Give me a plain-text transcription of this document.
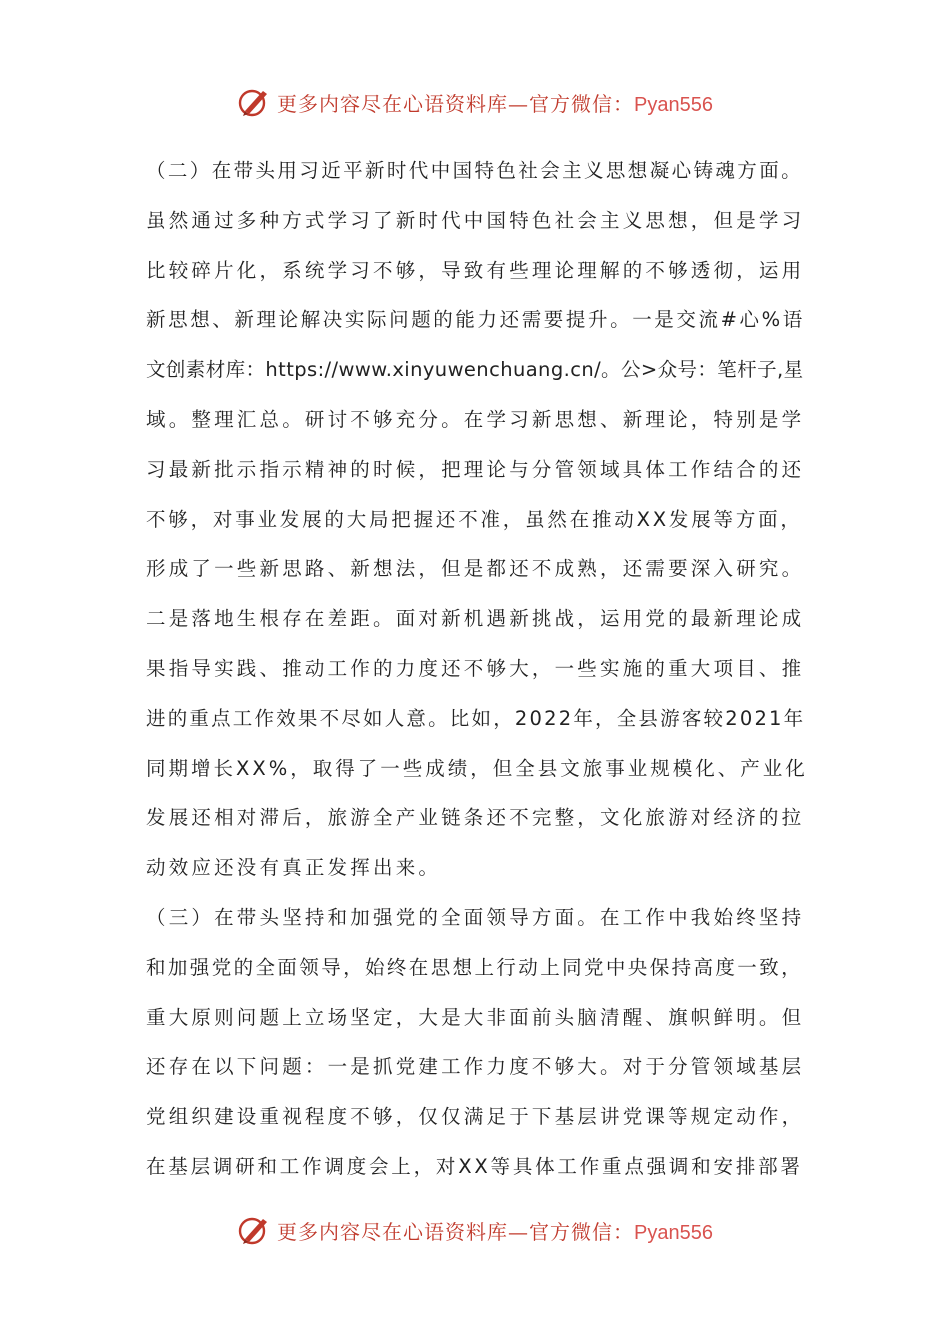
更多内容尽在心语资料库—官方微信：Pyan556
（二）在带头用习近平新时代中国特色社会主义思想凝心铸魂方面。
虽然通过多种方式学习了新时代中国特色社会主义思想，但是学习
比较碎片化，系统学习不够，导致有些理论理解的不够透彻，运用
新思想、新理论解决实际问题的能力还需要提升。一是交流#心%语
文创素材库：https://www.xinyuwenchuang.cn/。公>众号：笔杆子,星
域。整理汇总。研讨不够充分。在学习新思想、新理论，特别是学
习最新批示指示精神的时候，把理论与分管领域具体工作结合的还
不够，对事业发展的大局把握还不准，虽然在推动XX发展等方面，
形成了一些新思路、新想法，但是都还不成熟，还需要深入研究。
二是落地生根存在差距。面对新机遇新挑战，运用党的最新理论成
果指导实践、推动工作的力度还不够大，一些实施的重大项目、推
进的重点工作效果不尽如人意。比如，2022年，全县游客较2021年
同期增长XX%，取得了一些成绩，但全县文旅事业规模化、产业化
发展还相对滞后，旅游全产业链条还不完整，文化旅游对经济的拉
动效应还没有真正发挥出来。
（三）在带头坚持和加强党的全面领导方面。在工作中我始终坚持
和加强党的全面领导，始终在思想上行动上同党中央保持高度一致，
重大原则问题上立场坚定，大是大非面前头脑清醒、旗帜鲜明。但
还存在以下问题：一是抓党建工作力度不够大。对于分管领域基层
党组织建设重视程度不够，仅仅满足于下基层讲党课等规定动作，
在基层调研和工作调度会上，对XX等具体工作重点强调和安排部署
更多内容尽在心语资料库—官方微信：Pyan556
